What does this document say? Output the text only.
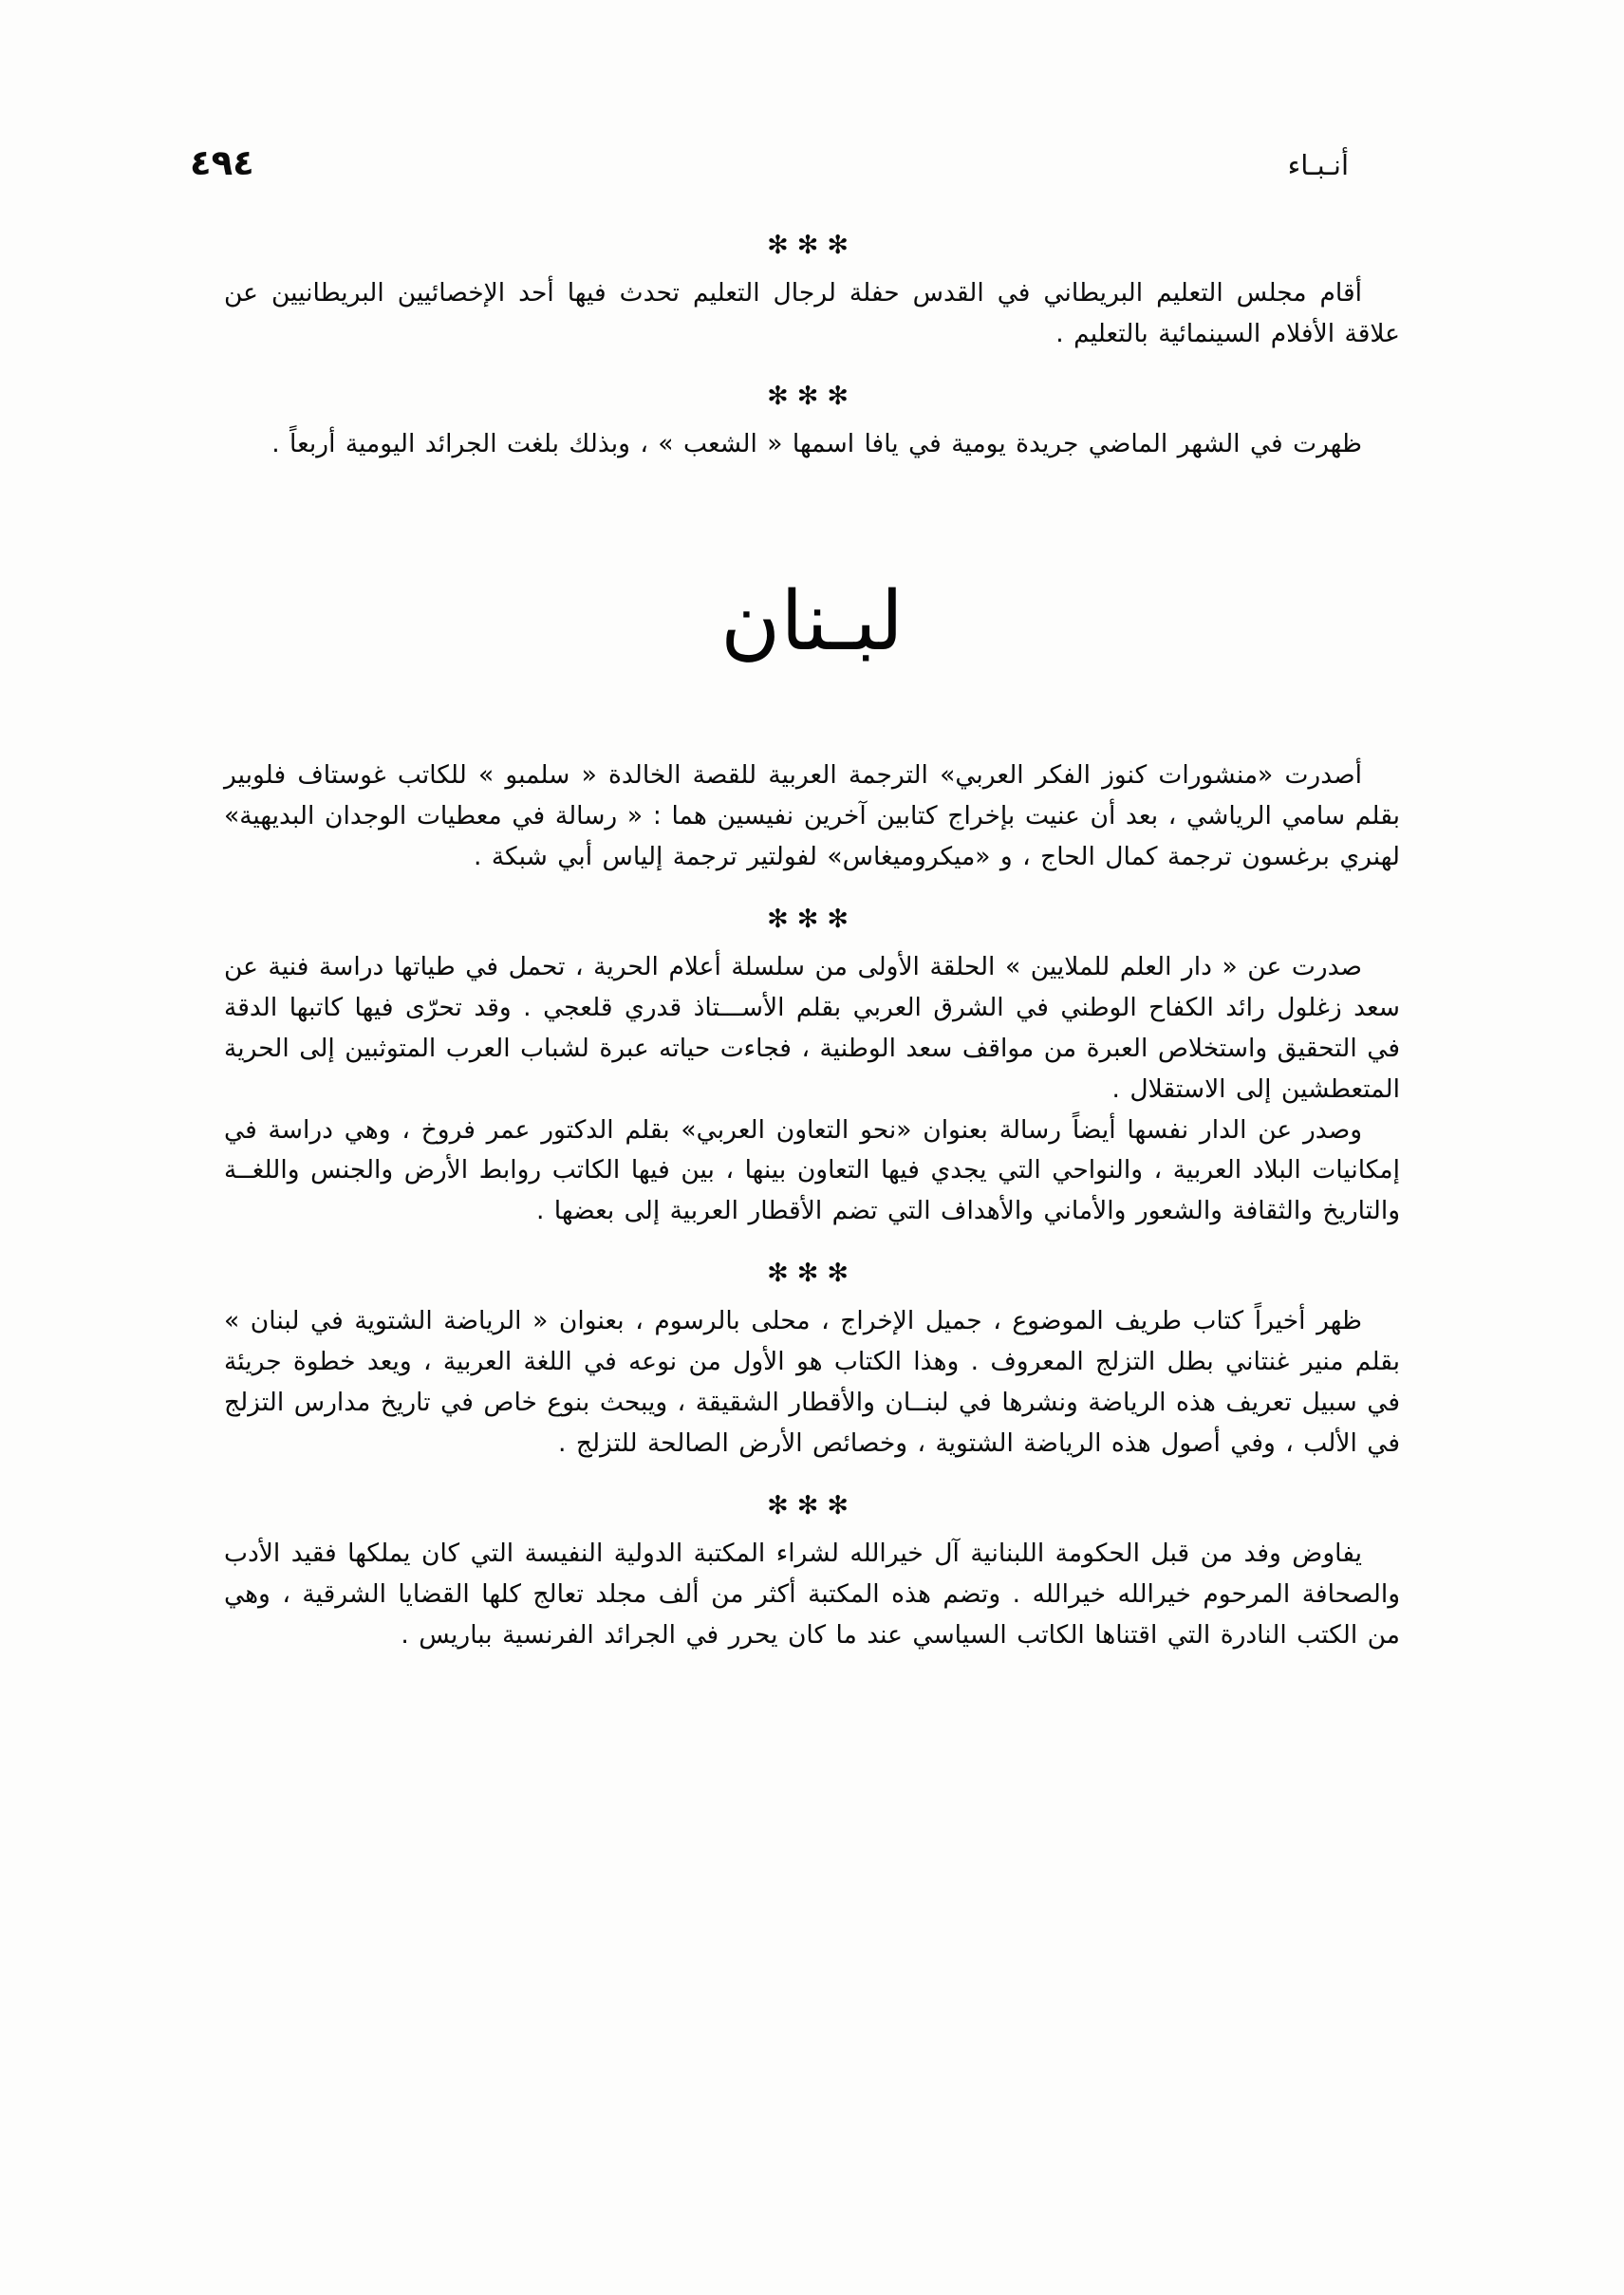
٤٩٤	أنـبـاء
✻✻✻

أقام مجلس التعليم البريطاني في القدس حفلة لرجال التعليم تحدث فيها أحد الإخصائيين البريطانيين عن علاقة الأفلام السينمائية بالتعليم .

✻✻✻

ظهرت في الشهر الماضي جريدة يومية في يافا اسمها « الشعب » ، وبذلك بلغت الجرائد اليومية أربعاً .

لبـنان

أصدرت «منشورات كنوز الفكر العربي» الترجمة العربية للقصة الخالدة « سلمبو » للكاتب غوستاف فلوبير بقلم سامي الرياشي ، بعد أن عنيت بإخراج كتابين آخرين نفيسين هما : « رسالة في معطيات الوجدان البديهية» لهنري برغسون ترجمة كمال الحاج ، و «ميكروميغاس» لفولتير ترجمة إلياس أبي شبكة .

✻✻✻

صدرت عن « دار العلم للملايين » الحلقة الأولى من سلسلة أعلام الحرية ، تحمل في طياتها دراسة فنية عن سعد زغلول رائد الكفاح الوطني في الشرق العربي بقلم الأســـتاذ قدري قلعجي . وقد تحرّى فيها كاتبها الدقة في التحقيق واستخلاص العبرة من مواقف سعد الوطنية ، فجاءت حياته عبرة لشباب العرب المتوثبين إلى الحرية المتعطشين إلى الاستقلال .

وصدر عن الدار نفسها أيضاً رسالة بعنوان «نحو التعاون العربي» بقلم الدكتور عمر فروخ ، وهي دراسة في إمكانيات البلاد العربية ، والنواحي التي يجدي فيها التعاون بينها ، بين فيها الكاتب روابط الأرض والجنس واللغــة والتاريخ والثقافة والشعور والأماني والأهداف التي تضم الأقطار العربية إلى بعضها .

✻✻✻

ظهر أخيراً كتاب طريف الموضوع ، جميل الإخراج ، محلى بالرسوم ، بعنوان « الرياضة الشتوية في لبنان » بقلم منير غنتاني بطل التزلج المعروف . وهذا الكتاب هو الأول من نوعه في اللغة العربية ، ويعد خطوة جريئة في سبيل تعريف هذه الرياضة ونشرها في لبنــان والأقطار الشقيقة ، ويبحث بنوع خاص في تاريخ مدارس التزلج في الألب ، وفي أصول هذه الرياضة الشتوية ، وخصائص الأرض الصالحة للتزلج .

✻✻✻

يفاوض وفد من قبل الحكومة اللبنانية آل خيرالله لشراء المكتبة الدولية النفيسة التي كان يملكها فقيد الأدب والصحافة المرحوم خيرالله خيرالله . وتضم هذه المكتبة أكثر من ألف مجلد تعالج كلها القضايا الشرقية ، وهي من الكتب النادرة التي اقتناها الكاتب السياسي عند ما كان يحرر في الجرائد الفرنسية بباريس .
